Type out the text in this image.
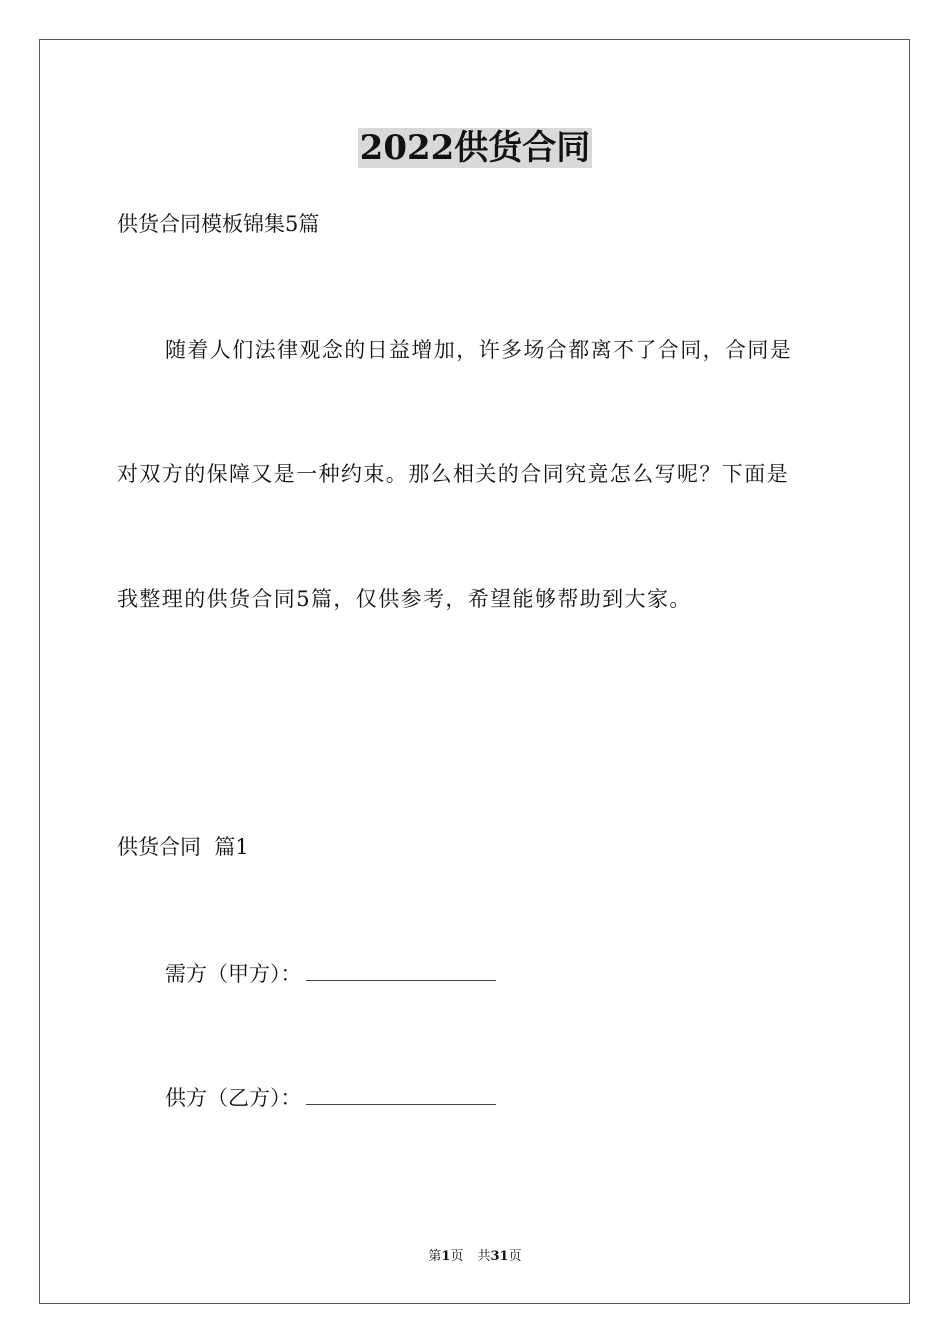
2022供货合同
供货合同模板锦集5篇
随着人们法律观念的日益增加，许多场合都离不了合同，合同是
对双方的保障又是一种约束。那么相关的合同究竟怎么写呢？下面是
我整理的供货合同5篇，仅供参考，希望能够帮助到大家。
供货合同  篇1
需方（甲方）：
供方（乙方）：
第1页 共31页
